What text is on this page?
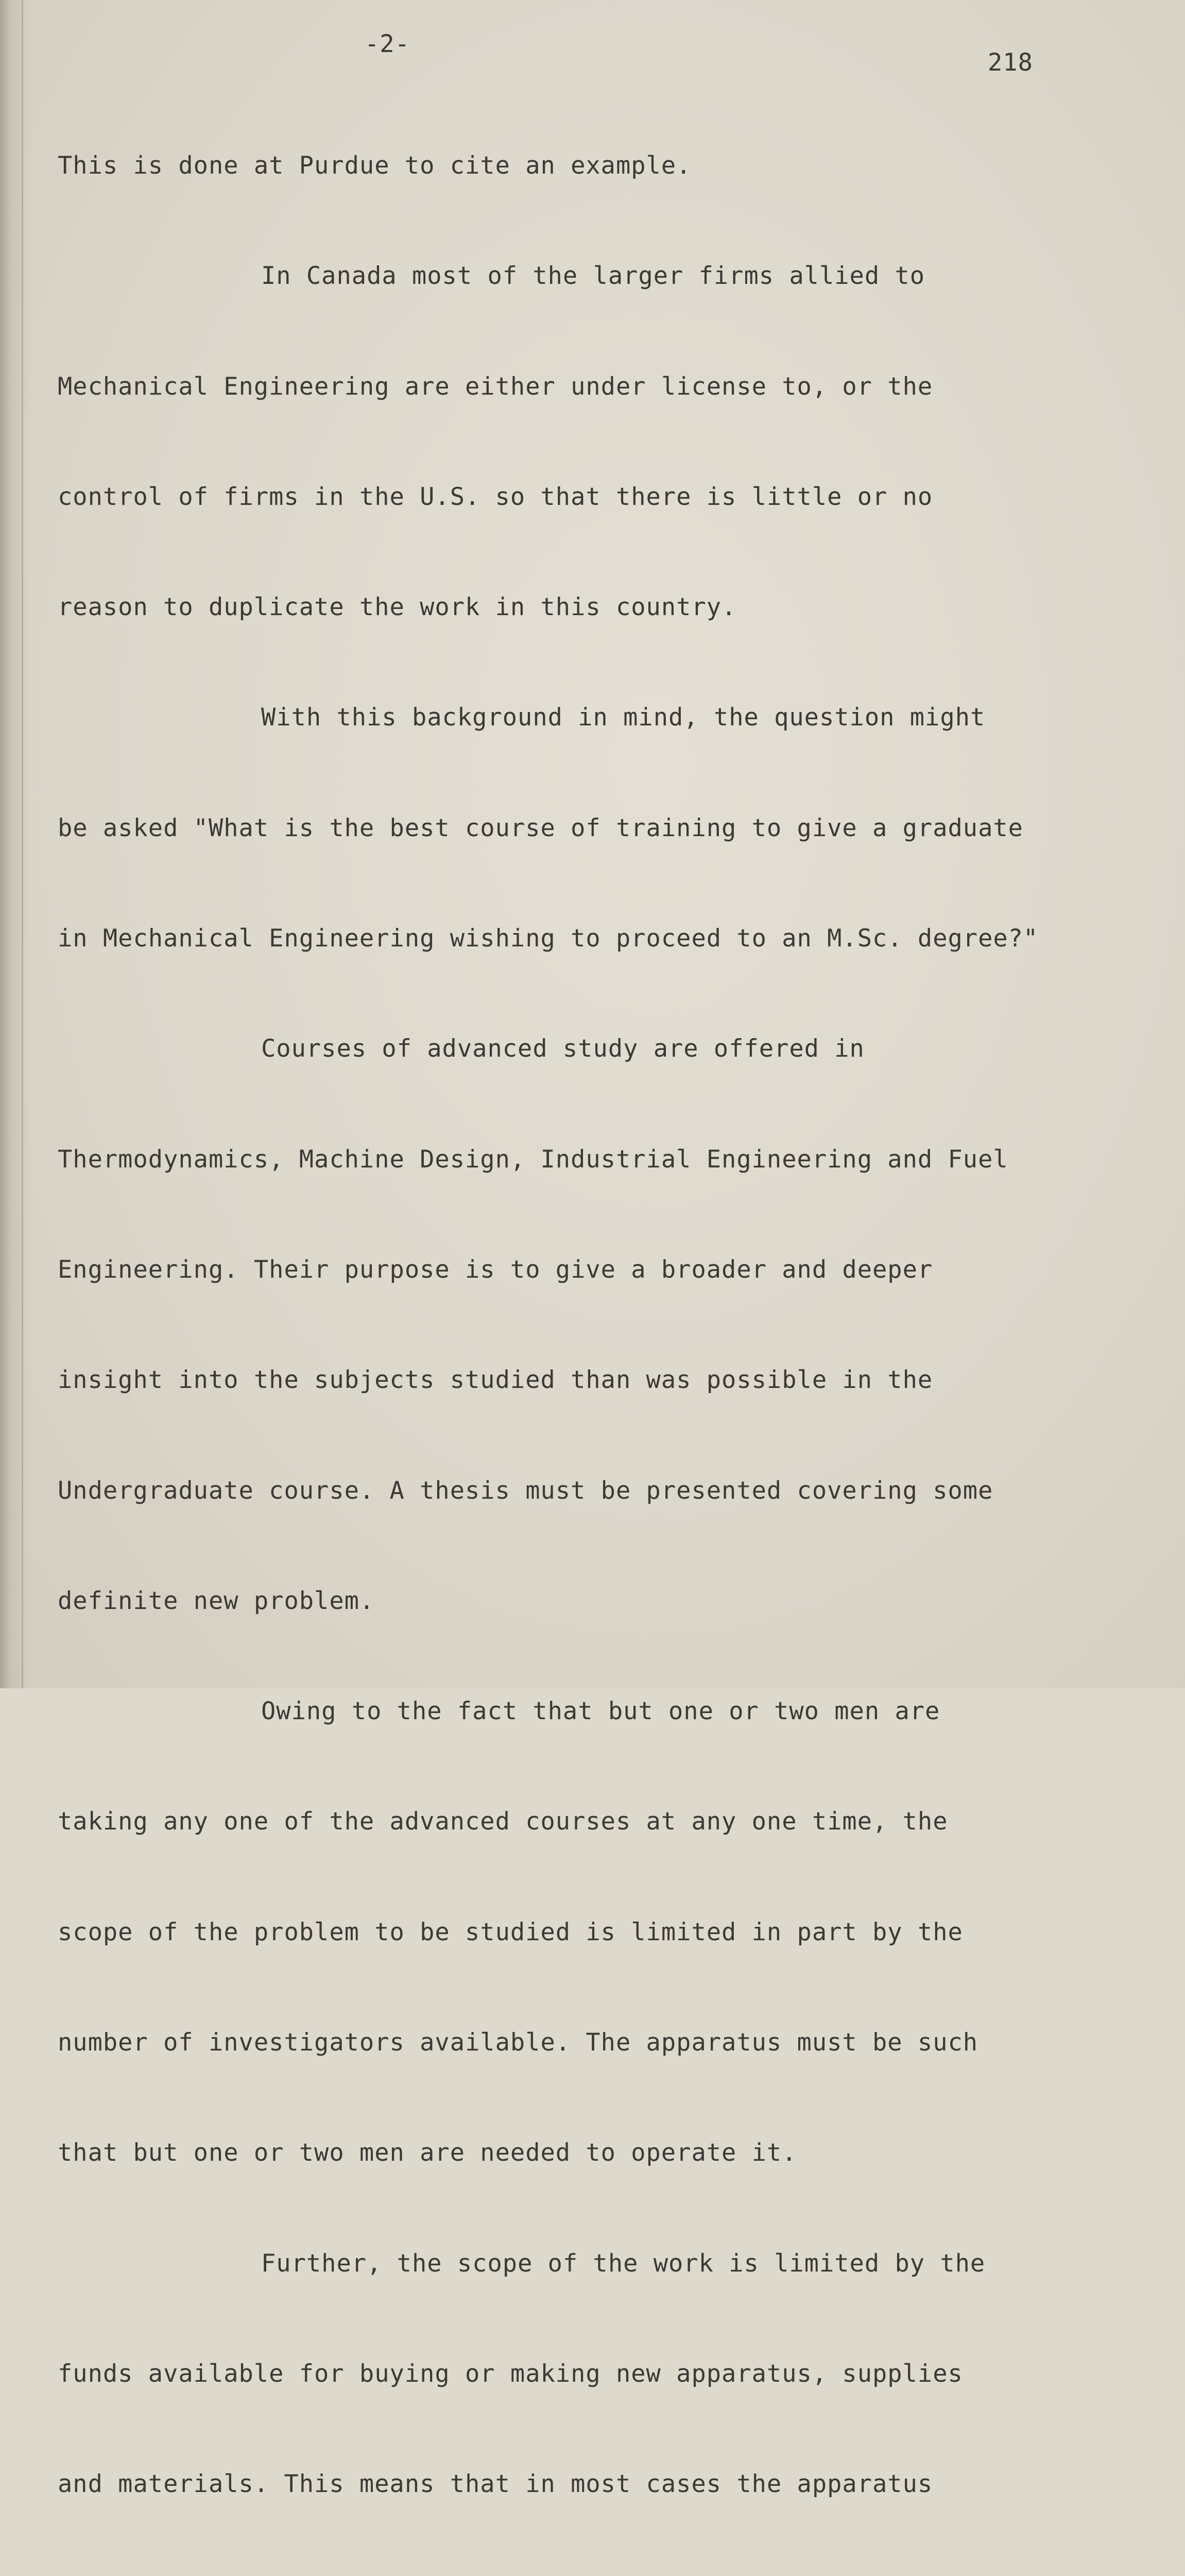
-2-
218

This is done at Purdue to cite an example.

In Canada most of the larger firms allied to

Mechanical Engineering are either under license to, or the

control of firms in the U.S. so that there is little or no

reason to duplicate the work in this country.

With this background in mind, the question might

be asked "What is the best course of training to give a graduate

in Mechanical Engineering wishing to proceed to an M.Sc. degree?"

Courses of advanced study are offered in

Thermodynamics, Machine Design, Industrial Engineering and Fuel

Engineering. Their purpose is to give a broader and deeper

insight into the subjects studied than was possible in the

Undergraduate course. A thesis must be presented covering some

definite new problem.

Owing to the fact that but one or two men are

taking any one of the advanced courses at any one time, the

scope of the problem to be studied is limited in part by the

number of investigators available. The apparatus must be such

that but one or two men are needed to operate it.

Further, the scope of the work is limited by the

funds available for buying or making new apparatus, supplies

and materials. This means that in most cases the apparatus
